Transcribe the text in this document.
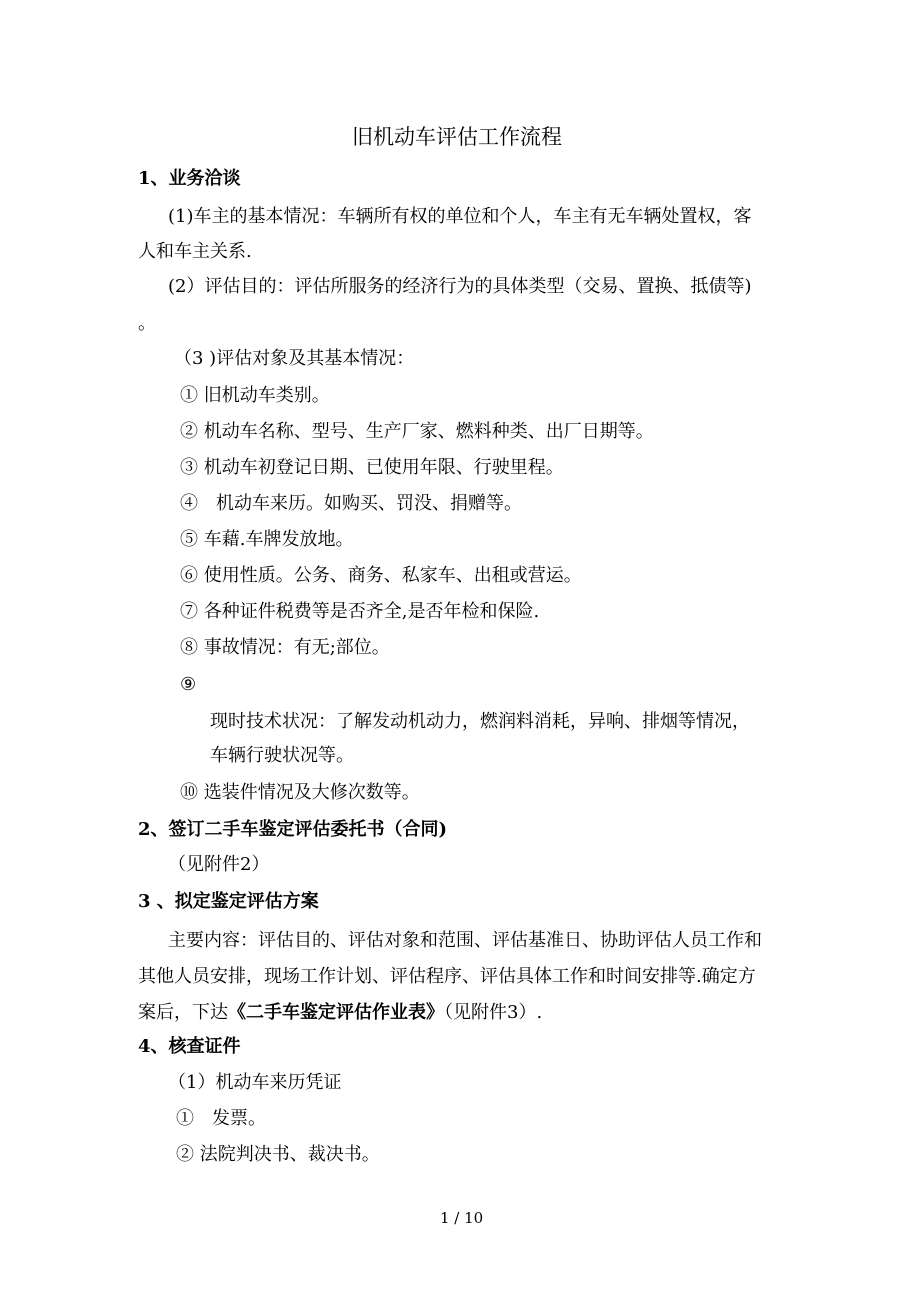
旧机动车评估工作流程
1、业务洽谈
(1)车主的基本情况：车辆所有权的单位和个人，车主有无车辆处置权，客
人和车主关系.
(2）评估目的：评估所服务的经济行为的具体类型（交易、置换、抵债等)
。
（3 )评估对象及其基本情况：
① 旧机动车类别。
② 机动车名称、型号、生产厂家、燃料种类、出厂日期等。
③ 机动车初登记日期、已使用年限、行驶里程。
④　机动车来历。如购买、罚没、捐赠等。
⑤ 车藉.车牌发放地。
⑥ 使用性质。公务、商务、私家车、出租或营运。
⑦ 各种证件税费等是否齐全,是否年检和保险.
⑧ 事故情况：有无;部位。
⑨
现时技术状况：了解发动机动力，燃润料消耗，异响、排烟等情况，
车辆行驶状况等。
⑩ 选装件情况及大修次数等。
2、签订二手车鉴定评估委托书（合同)
（见附件2）
3 、拟定鉴定评估方案
主要内容：评估目的、评估对象和范围、评估基准日、协助评估人员工作和
其他人员安排，现场工作计划、评估程序、评估具体工作和时间安排等.确定方
案后，下达《二手车鉴定评估作业表》（见附件3）.
4、核查证件
（1）机动车来历凭证
①　发票。
② 法院判决书、裁决书。
1 / 10
